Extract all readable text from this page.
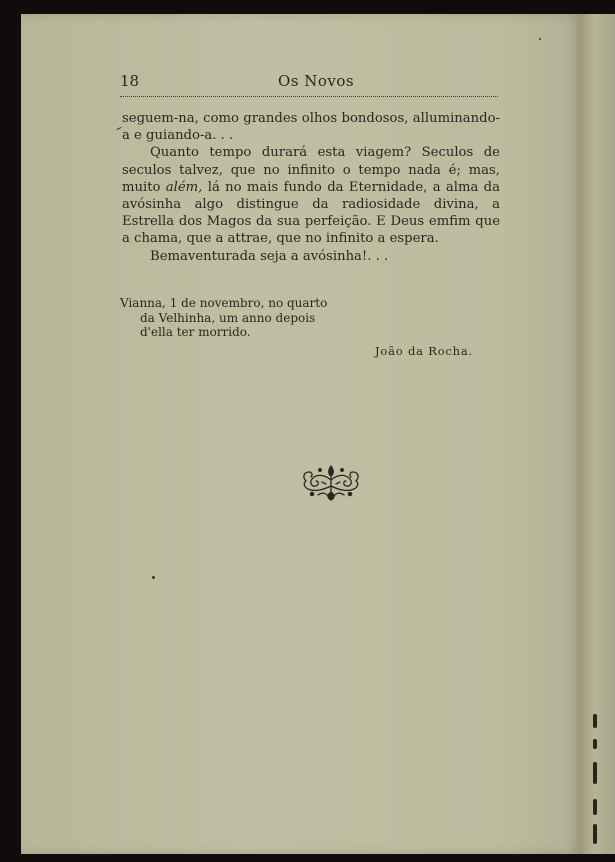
18	Os Novos

seguem-na, como grandes olhos bondosos, alluminando-a e guiando-a. . .

Quanto tempo durará esta viagem? Seculos de seculos talvez, que no infinito o tempo nada é; mas, muito além, lá no mais fundo da Eternidade, a alma da avósinha algo distingue da radiosidade divina, a Estrella dos Magos da sua perfeição. E Deus emfim que a chama, que a attrae, que no infinito a espera.

Bemaventurada seja a avósinha!. . .

Vianna, 1 de novembro, no quarto
da Velhinha, um anno depois
d'ella ter morrido.
João da Rocha.
